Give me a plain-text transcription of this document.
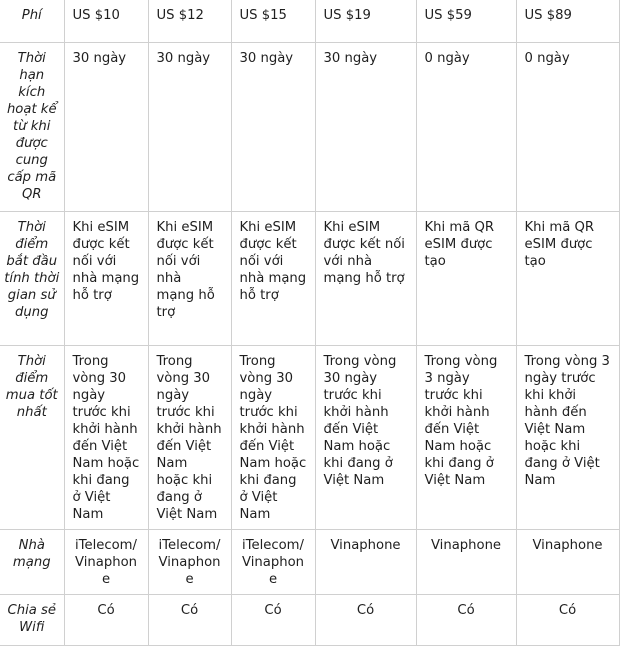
Phí	US $10	US $12	US $15	US $19	US $59	US $89
Thời hạn kích hoạt kể từ khi được cung cấp mã QR	30 ngày	30 ngày	30 ngày	30 ngày	0 ngày	0 ngày
Thời điểm bắt đầu tính thời gian sử dụng	Khi eSIM được kết nối với nhà mạng hỗ trợ	Khi eSIM được kết nối với nhà mạng hỗ trợ	Khi eSIM được kết nối với nhà mạng hỗ trợ	Khi eSIM được kết nối với nhà mạng hỗ trợ	Khi mã QR eSIM được tạo	Khi mã QR eSIM được tạo
Thời điểm mua tốt nhất	Trong vòng 30 ngày trước khi khởi hành đến Việt Nam hoặc khi đang ở Việt Nam	Trong vòng 30 ngày trước khi khởi hành đến Việt Nam hoặc khi đang ở Việt Nam	Trong vòng 30 ngày trước khi khởi hành đến Việt Nam hoặc khi đang ở Việt Nam	Trong vòng 30 ngày trước khi khởi hành đến Việt Nam hoặc khi đang ở Việt Nam	Trong vòng 3 ngày trước khi khởi hành đến Việt Nam hoặc khi đang ở Việt Nam	Trong vòng 3 ngày trước khi khởi hành đến Việt Nam hoặc khi đang ở Việt Nam
Nhà mạng	iTelecom/ Vinaphone	iTelecom/ Vinaphone	iTelecom/ Vinaphone	Vinaphone	Vinaphone	Vinaphone
Chia sẻ Wifi	Có	Có	Có	Có	Có	Có
